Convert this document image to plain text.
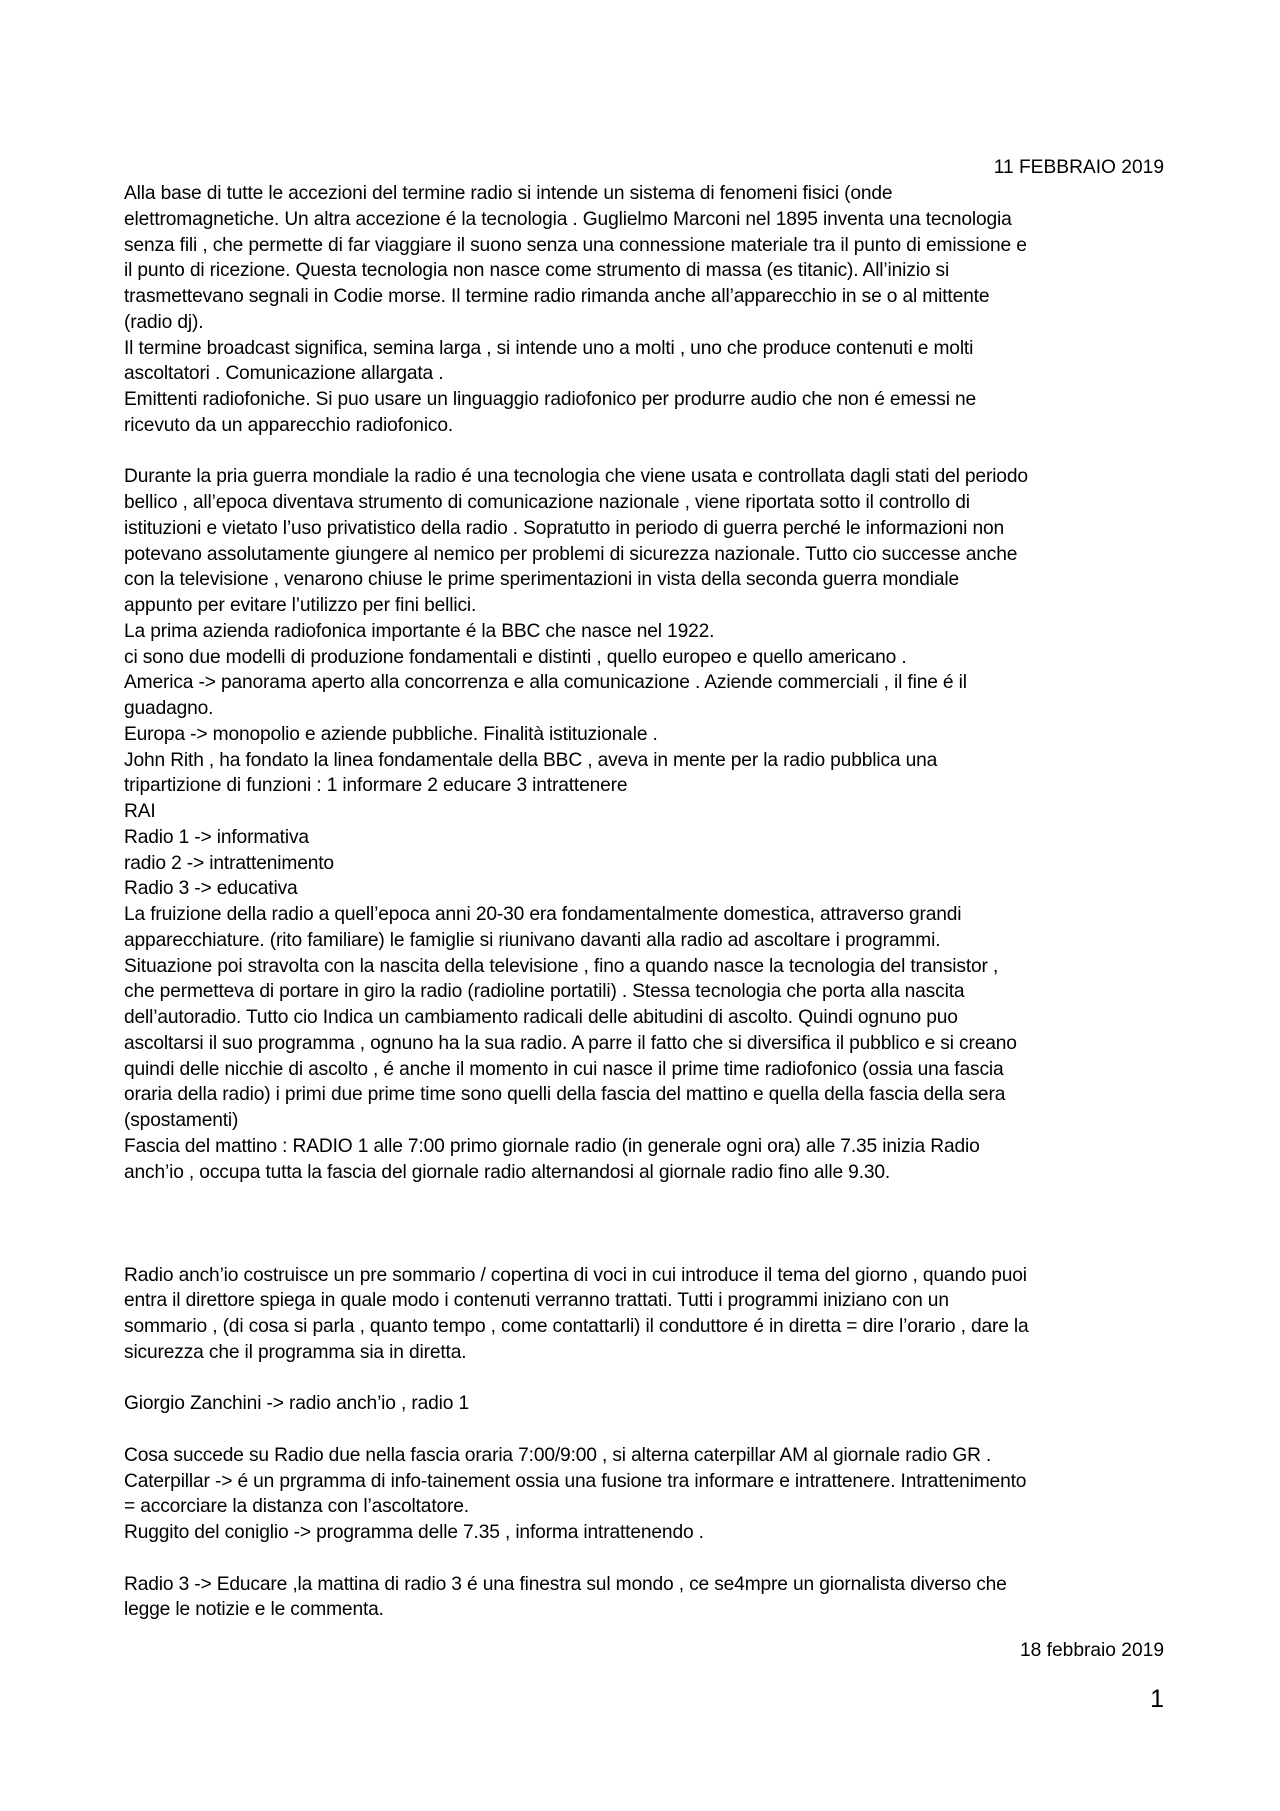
11 FEBBRAIO 2019

Alla base di tutte le accezioni del termine radio si intende un sistema di fenomeni fisici (onde

elettromagnetiche. Un altra accezione é la tecnologia . Guglielmo Marconi nel 1895 inventa una tecnologia

senza fili , che permette di far viaggiare il suono senza una connessione materiale tra il punto di emissione e

il punto di ricezione. Questa tecnologia non nasce come strumento di massa (es titanic). All’inizio si

trasmettevano segnali in Codie morse. Il termine radio rimanda anche all’apparecchio in se o al mittente

(radio dj).

Il termine broadcast significa, semina larga , si intende uno a molti , uno che produce contenuti e molti

ascoltatori . Comunicazione allargata .

Emittenti radiofoniche. Si puo usare un linguaggio radiofonico per produrre audio che non é emessi ne

ricevuto da un apparecchio radiofonico.

Durante la pria guerra mondiale la radio é una tecnologia che viene usata e controllata dagli stati del periodo

bellico , all’epoca diventava strumento di comunicazione nazionale , viene riportata sotto il controllo di

istituzioni e vietato l’uso privatistico della radio . Sopratutto in periodo di guerra perché le informazioni non

potevano assolutamente giungere al nemico per problemi di sicurezza nazionale. Tutto cio successe anche

con la televisione , venarono chiuse le prime sperimentazioni in vista della seconda guerra mondiale

appunto per evitare l’utilizzo per fini bellici.

La prima azienda radiofonica importante é la BBC che nasce nel 1922.

ci sono due modelli di produzione fondamentali e distinti , quello europeo e quello americano .

America -> panorama aperto alla concorrenza e alla comunicazione . Aziende commerciali , il fine é il

guadagno.

Europa -> monopolio e aziende pubbliche. Finalità istituzionale .

John Rith , ha fondato la linea fondamentale della BBC , aveva in mente per la radio pubblica una

tripartizione di funzioni : 1 informare 2 educare 3 intrattenere

RAI

Radio 1 -> informativa

radio 2 -> intrattenimento

Radio 3 -> educativa

La fruizione della radio a quell’epoca anni 20-30 era fondamentalmente domestica, attraverso grandi

apparecchiature. (rito familiare) le famiglie si riunivano davanti alla radio ad ascoltare i programmi.

Situazione poi stravolta con la nascita della televisione , fino a quando nasce la tecnologia del transistor ,

che permetteva di portare in giro la radio (radioline portatili) . Stessa tecnologia che porta alla nascita

dell’autoradio. Tutto cio Indica un cambiamento radicali delle abitudini di ascolto. Quindi ognuno puo

ascoltarsi il suo programma , ognuno ha la sua radio. A parre il fatto che si diversifica il pubblico e si creano

quindi delle nicchie di ascolto , é anche il momento in cui nasce il prime time radiofonico (ossia una fascia

oraria della radio) i primi due prime time sono quelli della fascia del mattino e quella della fascia della sera

(spostamenti)

Fascia del mattino : RADIO 1 alle 7:00 primo giornale radio (in generale ogni ora) alle 7.35 inizia Radio

anch’io , occupa tutta la fascia del giornale radio alternandosi al giornale radio fino alle 9.30.

Radio anch’io costruisce un pre sommario / copertina di voci in cui introduce il tema del giorno , quando puoi

entra il direttore spiega in quale modo i contenuti verranno trattati. Tutti i programmi iniziano con un

sommario , (di cosa si parla , quanto tempo , come contattarli) il conduttore é in diretta = dire l’orario , dare la

sicurezza che il programma sia in diretta.

Giorgio Zanchini -> radio anch’io , radio 1

Cosa succede su Radio due nella fascia oraria 7:00/9:00 , si alterna caterpillar AM al giornale radio GR .

Caterpillar -> é un prgramma di info-tainement ossia una fusione tra informare e intrattenere. Intrattenimento

= accorciare la distanza con l’ascoltatore.

Ruggito del coniglio -> programma delle 7.35 , informa intrattenendo .

Radio 3 -> Educare ,la mattina di radio 3 é una finestra sul mondo , ce se4mpre un giornalista diverso che

legge le notizie e le commenta.

18 febbraio 2019

1
